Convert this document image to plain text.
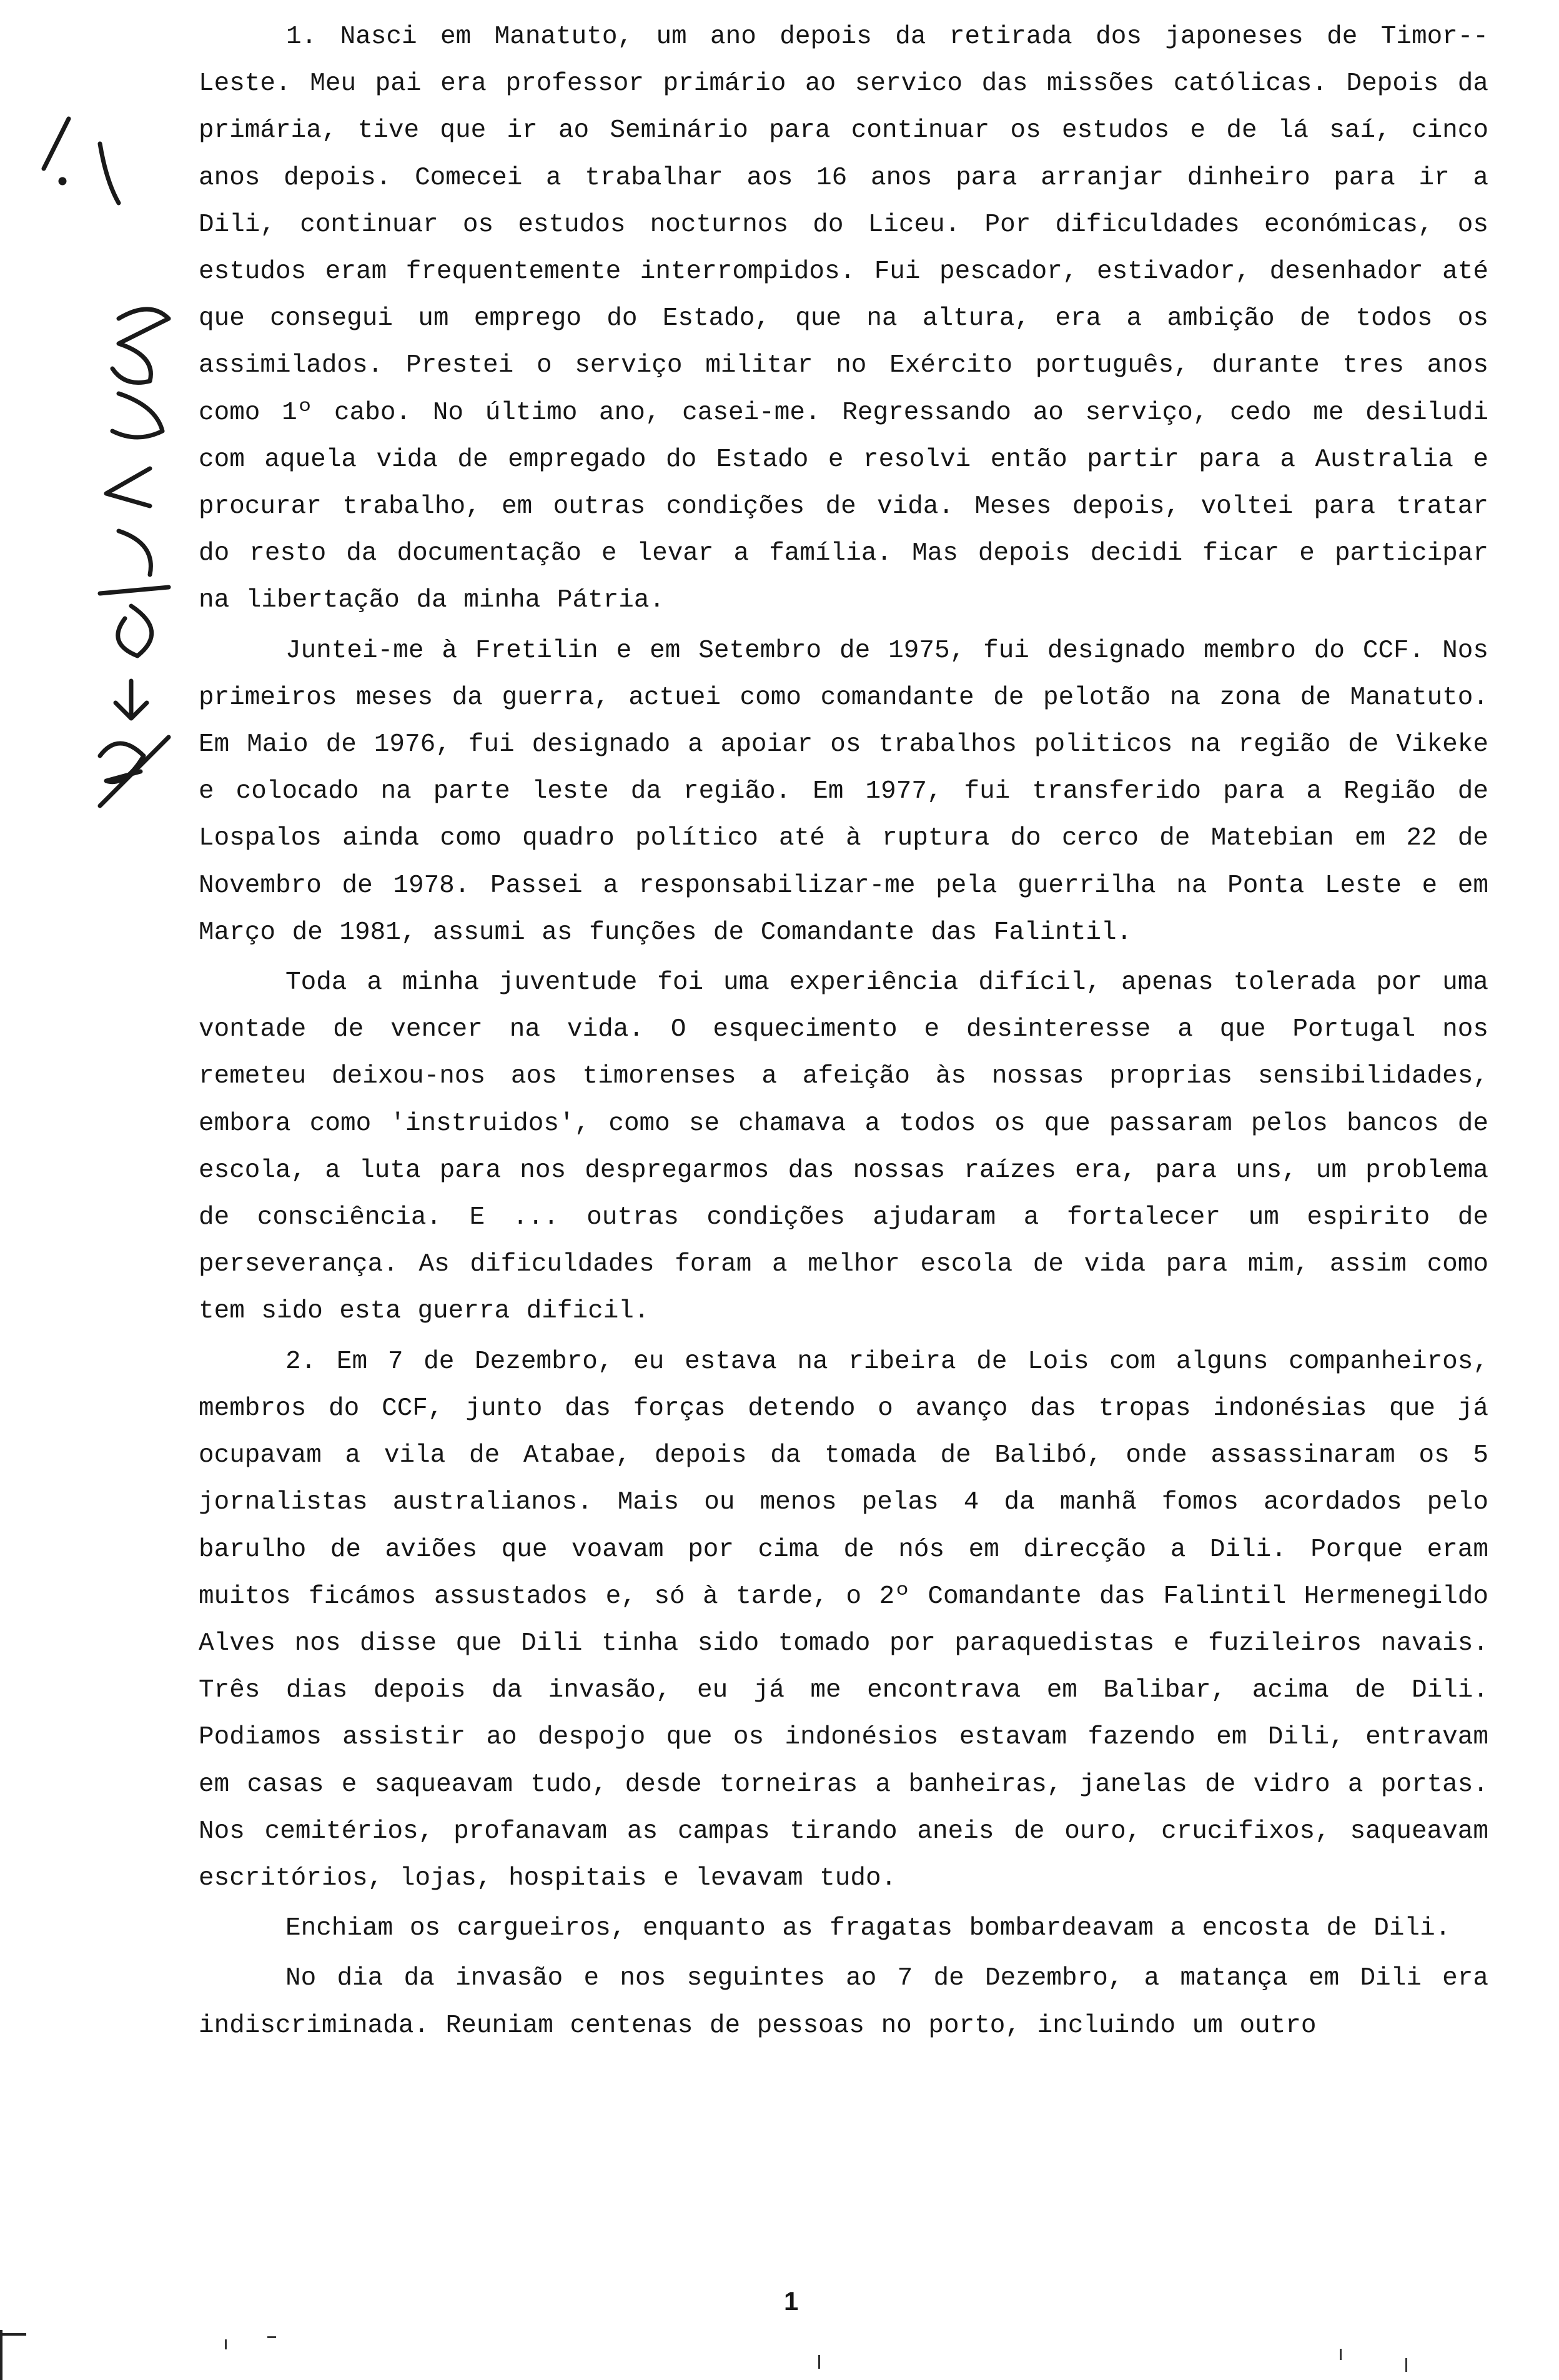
1. Nasci em Manatuto, um ano depois da retirada dos japoneses de Timor--Leste. Meu pai era professor primário ao servico das missões católicas. Depois da primária, tive que ir ao Seminário para continuar os estudos e de lá saí, cinco anos depois. Comecei a trabalhar aos 16 anos para arranjar dinheiro para ir a Dili, continuar os estudos nocturnos do Liceu. Por dificuldades económicas, os estudos eram frequentemente interrompidos. Fui pescador, estivador, desenhador até que consegui um emprego do Estado, que na altura, era a ambição de todos os assimilados. Prestei o serviço militar no Exército português, durante tres anos como 1º cabo. No último ano, casei-me. Regressando ao serviço, cedo me desiludi com aquela vida de empregado do Estado e resolvi então partir para a Australia e procurar trabalho, em outras condições de vida. Meses depois, voltei para tratar do resto da documentação e levar a família. Mas depois decidi ficar e participar na libertação da minha Pátria.

Juntei-me à Fretilin e em Setembro de 1975, fui designado membro do CCF. Nos primeiros meses da guerra, actuei como comandante de pelotão na zona de Manatuto. Em Maio de 1976, fui designado a apoiar os trabalhos politicos na região de Vikeke e colocado na parte leste da região. Em 1977, fui transferido para a Região de Lospalos ainda como quadro político até à ruptura do cerco de Matebian em 22 de Novembro de 1978. Passei a responsabilizar-me pela guerrilha na Ponta Leste e em Março de 1981, assumi as funções de Comandante das Falintil.

Toda a minha juventude foi uma experiência difícil, apenas tolerada por uma vontade de vencer na vida. O esquecimento e desinteresse a que Portugal nos remeteu deixou-nos aos timorenses a afeição às nossas proprias sensibilidades, embora como 'instruidos', como se chamava a todos os que passaram pelos bancos de escola, a luta para nos despregarmos das nossas raízes era, para uns, um problema de consciência. E ... outras condições ajudaram a fortalecer um espirito de perseverança. As dificuldades foram a melhor escola de vida para mim, assim como tem sido esta guerra dificil.

2. Em 7 de Dezembro, eu estava na ribeira de Lois com alguns companheiros, membros do CCF, junto das forças detendo o avanço das tropas indonésias que já ocupavam a vila de Atabae, depois da tomada de Balibó, onde assassinaram os 5 jornalistas australianos. Mais ou menos pelas 4 da manhã fomos acordados pelo barulho de aviões que voavam por cima de nós em direcção a Dili. Porque eram muitos ficámos assustados e, só à tarde, o 2º Comandante das Falintil Hermenegildo Alves nos disse que Dili tinha sido tomado por paraquedistas e fuzileiros navais. Três dias depois da invasão, eu já me encontrava em Balibar, acima de Dili. Podiamos assistir ao despojo que os indonésios estavam fazendo em Dili, entravam em casas e saqueavam tudo, desde torneiras a banheiras, janelas de vidro a portas. Nos cemitérios, profanavam as campas tirando aneis de ouro, crucifixos, saqueavam escritórios, lojas, hospitais e levavam tudo.

Enchiam os cargueiros, enquanto as fragatas bombardeavam a encosta de Dili.

No dia da invasão e nos seguintes ao 7 de Dezembro, a matança em Dili era indiscriminada. Reuniam centenas de pessoas no porto, incluindo um outro

1
